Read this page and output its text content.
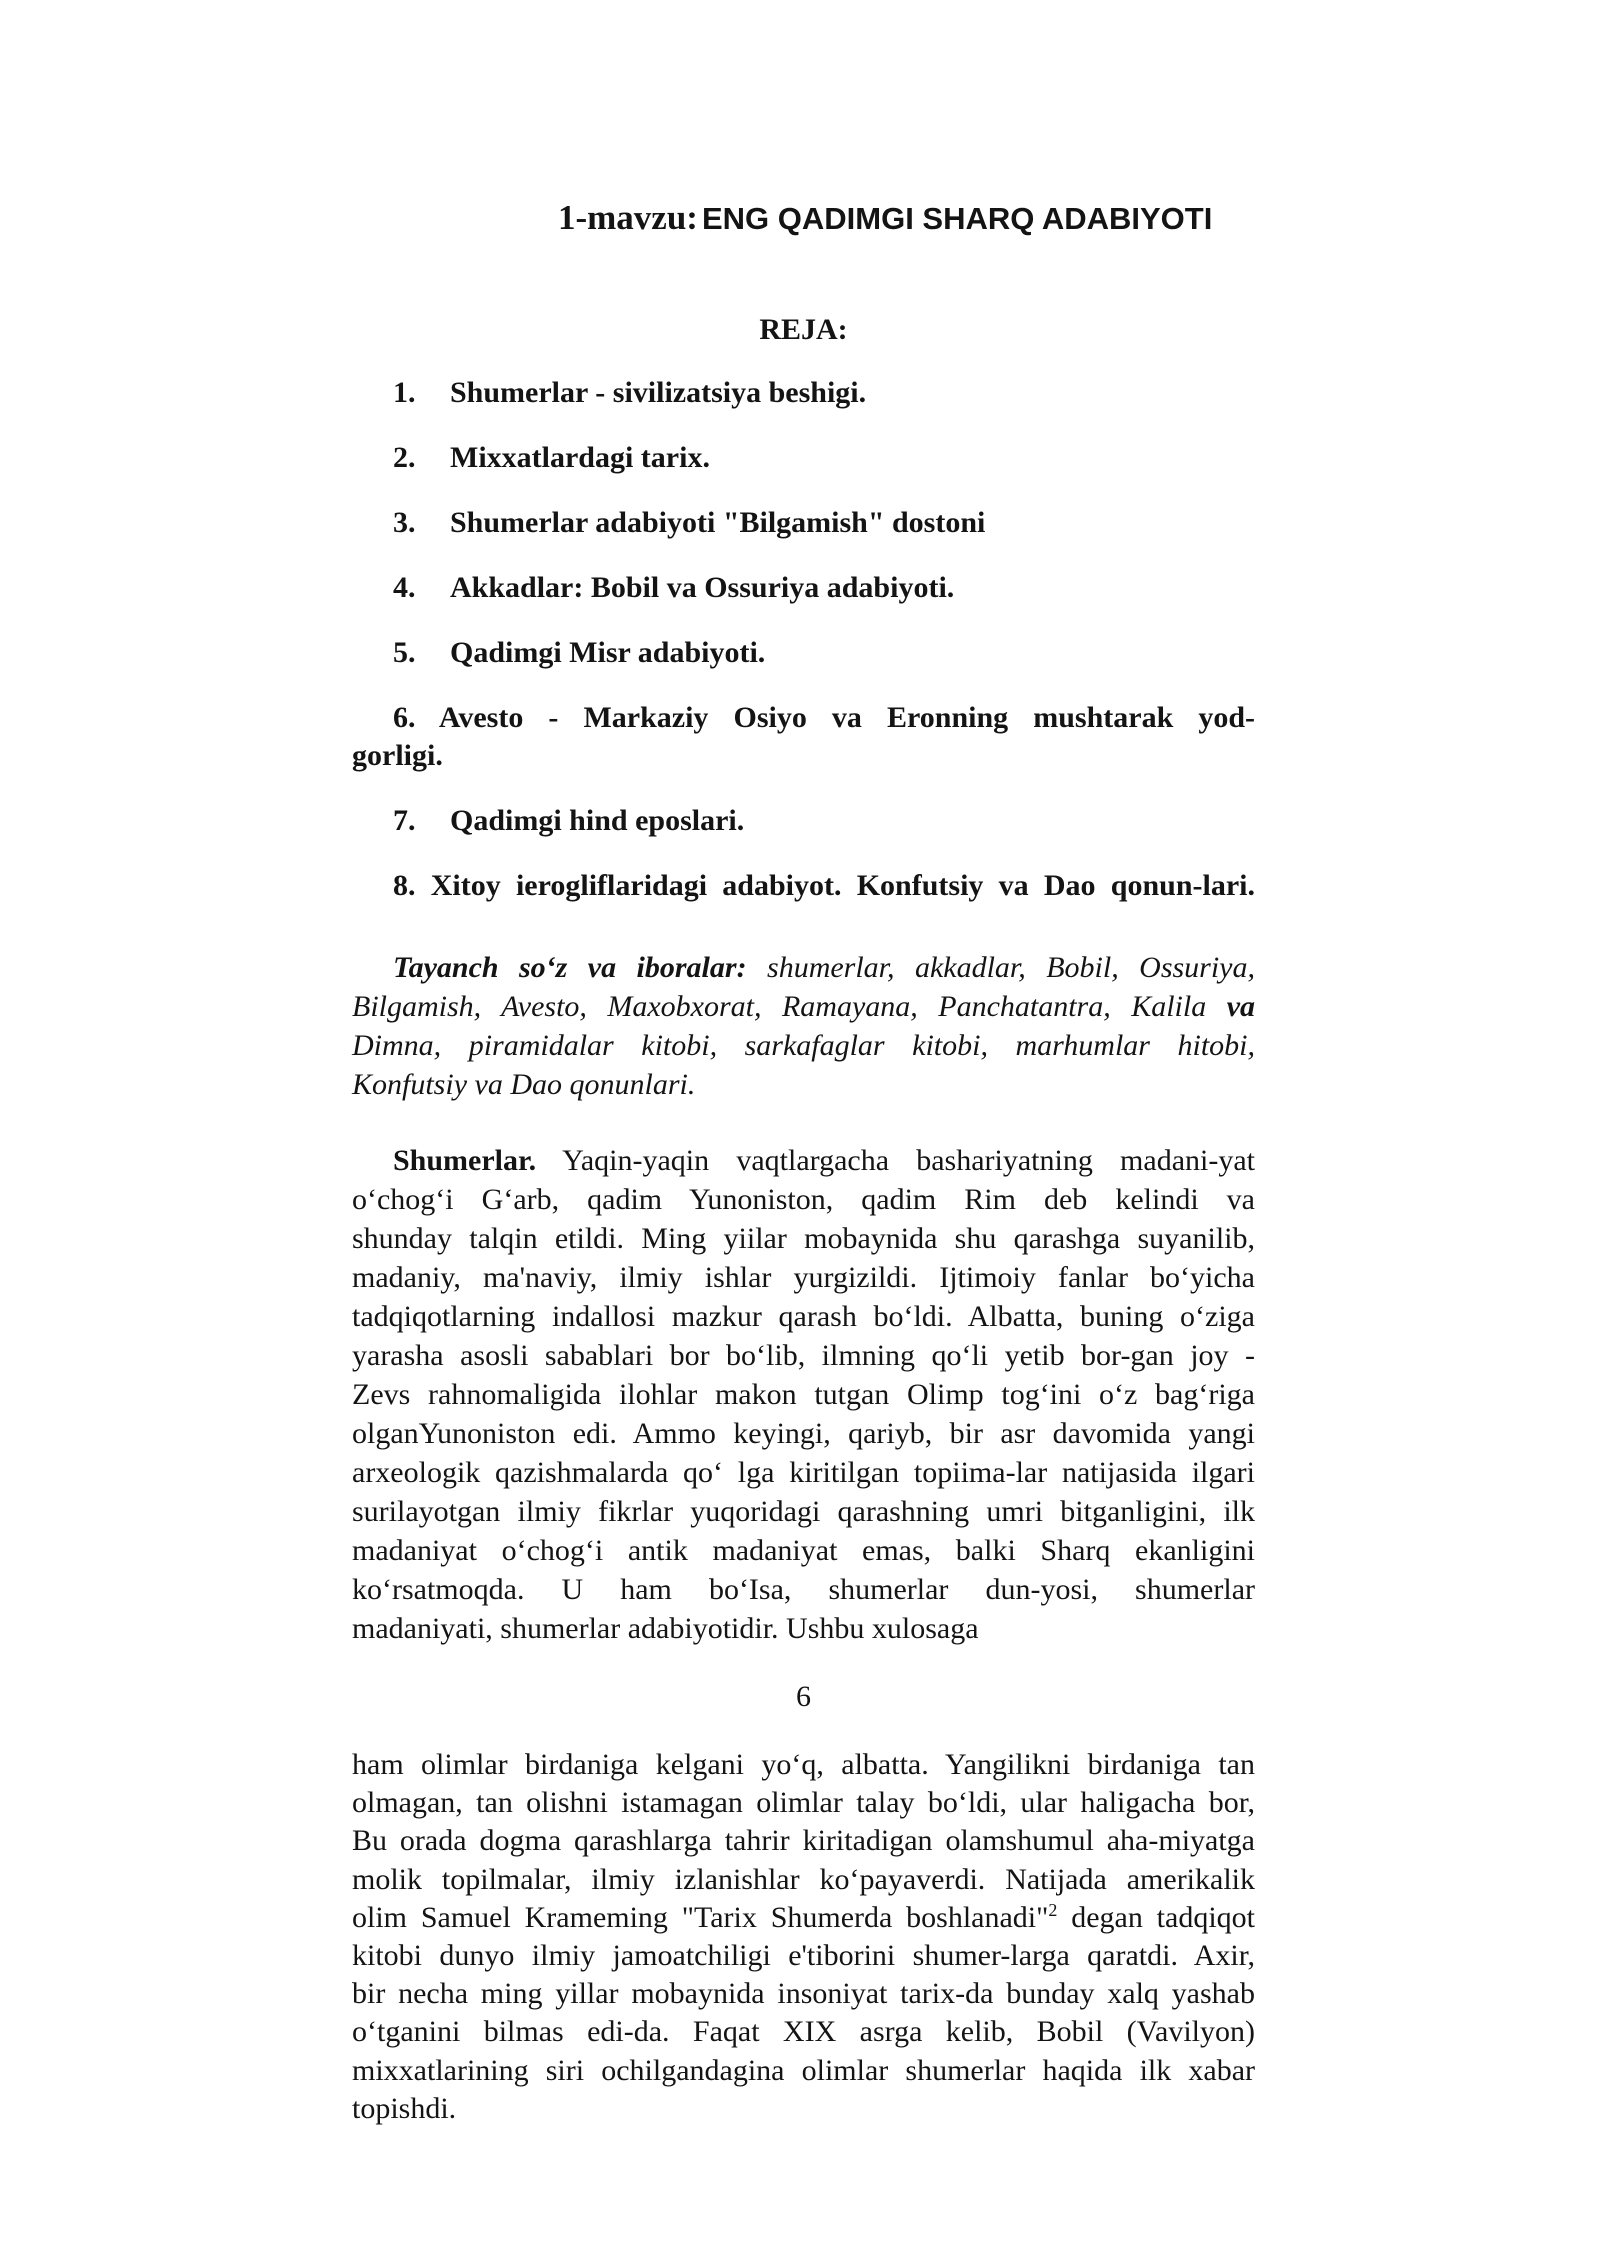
1-mavzu: ENG QADIMGI SHARQ ADABIYOTI
REJA:
1. Shumerlar - sivilizatsiya beshigi.
2. Mixxatlardagi tarix.
3. Shumerlar adabiyoti "Bilgamish" dostoni
4. Akkadlar: Bobil va Ossuriya adabiyoti.
5. Qadimgi Misr adabiyoti.
6. Avesto - Markaziy Osiyo va Eronning mushtarak yod-
gorligi.
7. Qadimgi hind eposlari.
8. Xitoy ierogliflaridagi adabiyot. Konfutsiy va Dao qonun-lari.
Tayanch so‘z va iboralar: shumerlar, akkadlar, Bobil, Ossuriya,
Bilgamish, Avesto, Maxobxorat, Ramayana, Panchatantra, Kalila va
Dimna, piramidalar kitobi, sarkafaglar kitobi, marhumlar hitobi,
Konfutsiy va Dao qonunlari.
Shumerlar. Yaqin-yaqin vaqtlargacha bashariyatning madani-yat
o‘chog‘i G‘arb, qadim Yunoniston, qadim Rim deb kelindi va
shunday talqin etildi. Ming yiilar mobaynida shu qarashga suyanilib,
madaniy, ma'naviy, ilmiy ishlar yurgizildi. Ijtimoiy fanlar bo‘yicha
tadqiqotlarning indallosi mazkur qarash bo‘ldi. Albatta, buning o‘ziga
yarasha asosli sabablari bor bo‘lib, ilmning qo‘li yetib bor-gan joy -
Zevs rahnomaligida ilohlar makon tutgan Olimp tog‘ini o‘z bag‘riga
olganYunoniston edi. Ammo keyingi, qariyb, bir asr davomida yangi
arxeologik qazishmalarda qo‘ lga kiritilgan topiima-lar natijasida ilgari
surilayotgan ilmiy fikrlar yuqoridagi qarashning umri bitganligini, ilk
madaniyat o‘chog‘i antik madaniyat emas, balki Sharq ekanligini
ko‘rsatmoqda. U ham bo‘Isa, shumerlar dun-yosi, shumerlar
madaniyati, shumerlar adabiyotidir. Ushbu xulosaga
6
ham olimlar birdaniga kelgani yo‘q, albatta. Yangilikni birdaniga tan
olmagan, tan olishni istamagan olimlar talay bo‘ldi, ular haligacha bor,
Bu orada dogma qarashlarga tahrir kiritadigan olamshumul aha-miyatga
molik topilmalar, ilmiy izlanishlar ko‘payaverdi. Natijada amerikalik
olim Samuel Krameming "Tarix Shumerda boshlanadi"$^2$ degan tadqiqot
kitobi dunyo ilmiy jamoatchiligi e'tiborini shumer-larga qaratdi. Axir,
bir necha ming yillar mobaynida insoniyat tarix-da bunday xalq yashab
o‘tganini bilmas edi-da. Faqat XIX asrga kelib, Bobil (Vavilyon)
mixxatlarining siri ochilgandagina olimlar shumerlar haqida ilk xabar
topishdi.
